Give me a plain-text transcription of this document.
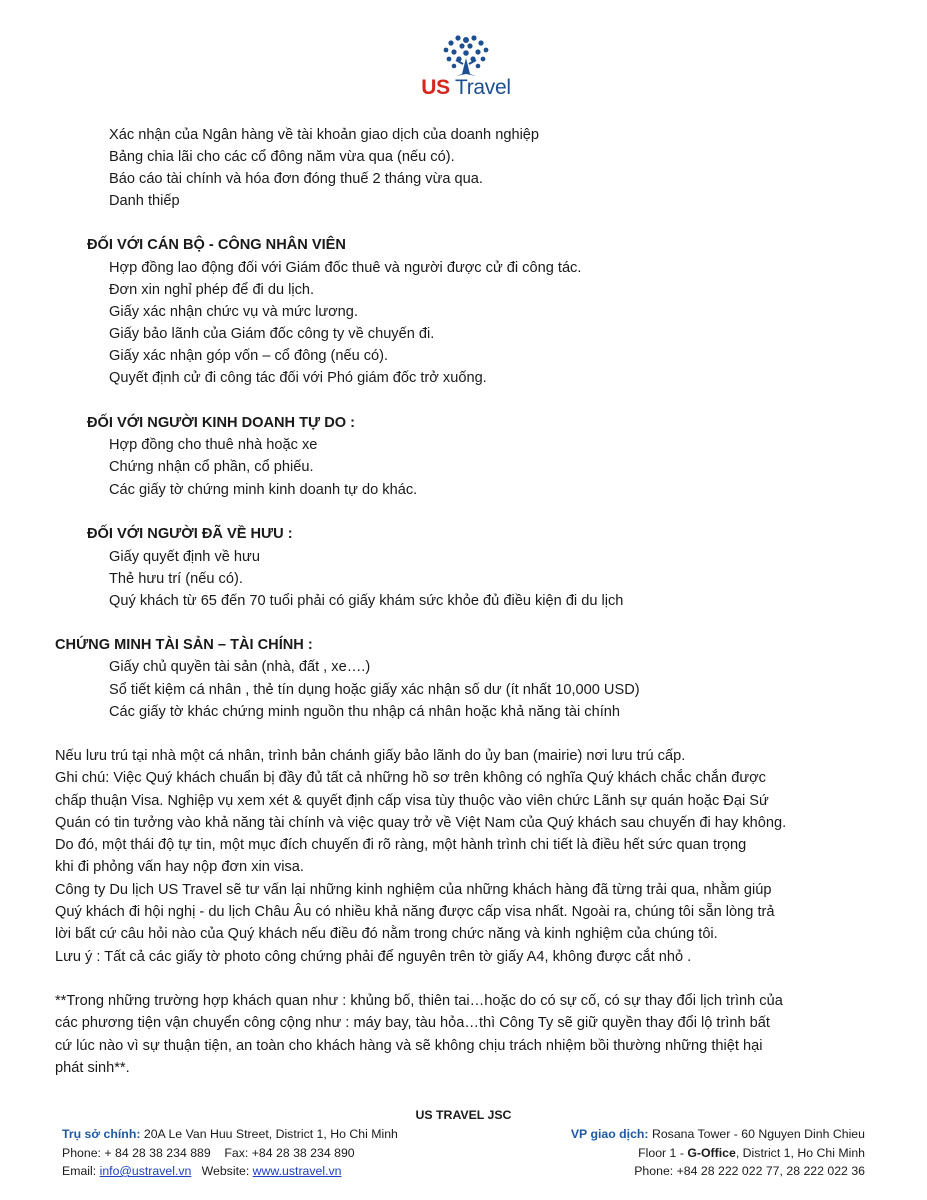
US Travel
Xác nhận của Ngân hàng về tài khoản giao dịch của doanh nghiệp
Bảng chia lãi cho các cổ đông năm vừa qua (nếu có).
Báo cáo tài chính và hóa đơn đóng thuế 2 tháng vừa qua.
Danh thiếp
ĐỐI VỚI CÁN BỘ - CÔNG NHÂN VIÊN
Hợp đồng lao động đối với Giám đốc thuê và người được cử đi công tác.
Đơn xin nghỉ phép để đi du lịch.
Giấy xác nhận chức vụ và mức lương.
Giấy bảo lãnh của Giám đốc công ty về chuyến đi.
Giấy xác nhận góp vốn – cổ đông (nếu có).
Quyết định cử đi công tác đối với Phó giám đốc trở xuống.
ĐỐI VỚI NGƯỜI KINH DOANH TỰ DO :
Hợp đồng cho thuê nhà hoặc xe
Chứng nhận cổ phần, cổ phiếu.
Các giấy tờ chứng minh kinh doanh tự do khác.
ĐỐI VỚI NGƯỜI ĐÃ VỀ HƯU :
Giấy quyết định về hưu
Thẻ hưu trí (nếu có).
Quý khách từ 65 đến 70 tuổi phải có giấy khám sức khỏe đủ điều kiện đi du lịch
CHỨNG MINH TÀI SẢN – TÀI CHÍNH :
Giấy chủ quyền tài sản (nhà, đất , xe….)
Sổ tiết kiệm cá nhân , thẻ tín dụng hoặc giấy xác nhận số dư (ít nhất 10,000 USD)
Các giấy tờ khác chứng minh nguồn thu nhập cá nhân hoặc khả năng tài chính
Nếu lưu trú tại nhà một cá nhân, trình bản chánh giấy bảo lãnh do ủy ban (mairie) nơi lưu trú cấp.
Ghi chú: Việc Quý khách chuẩn bị đầy đủ tất cả những hồ sơ trên không có nghĩa Quý khách chắc chắn được
chấp thuận Visa. Nghiệp vụ xem xét & quyết định cấp visa tùy thuộc vào viên chức Lãnh sự quán hoặc Đại Sứ
Quán có tin tưởng vào khả năng tài chính và việc quay trở về Việt Nam của Quý khách sau chuyến đi hay không.
Do đó, một thái độ tự tin, một mục đích chuyến đi rõ ràng, một hành trình chi tiết là điều hết sức quan trọng
khi đi phỏng vấn hay nộp đơn xin visa.
Công ty Du lịch US Travel sẽ tư vấn lại những kinh nghiệm của những khách hàng đã từng trải qua, nhằm giúp
Quý khách đi hội nghị - du lịch Châu Âu có nhiều khả năng được cấp visa nhất. Ngoài ra, chúng tôi sẵn lòng trả
lời bất cứ câu hỏi nào của Quý khách nếu điều đó nằm trong chức năng và kinh nghiệm của chúng tôi.
Lưu ý : Tất cả các giấy tờ photo công chứng phải để nguyên trên tờ giấy A4, không được cắt nhỏ .
**Trong những trường hợp khách quan như : khủng bố, thiên tai…hoặc do có sự cố, có sự thay đổi lịch trình của
các phương tiện vận chuyển công cộng như : máy bay, tàu hỏa…thì Công Ty sẽ giữ quyền thay đổi lộ trình bất
cứ lúc nào vì sự thuận tiện, an toàn cho khách hàng và sẽ không chịu trách nhiệm bồi thường những thiệt hại
phát sinh**.
US TRAVEL JSC
Trụ sở chính: 20A Le Van Huu Street, District 1, Ho Chi Minh
Phone: + 84 28 38 234 889    Fax: +84 28 38 234 890
Email: info@ustravel.vn   Website: www.ustravel.vn
VP giao dịch: Rosana Tower - 60 Nguyen Dinh Chieu
Floor 1 - G-Office, District 1, Ho Chi Minh
Phone: +84 28 222 022 77, 28 222 022 36
